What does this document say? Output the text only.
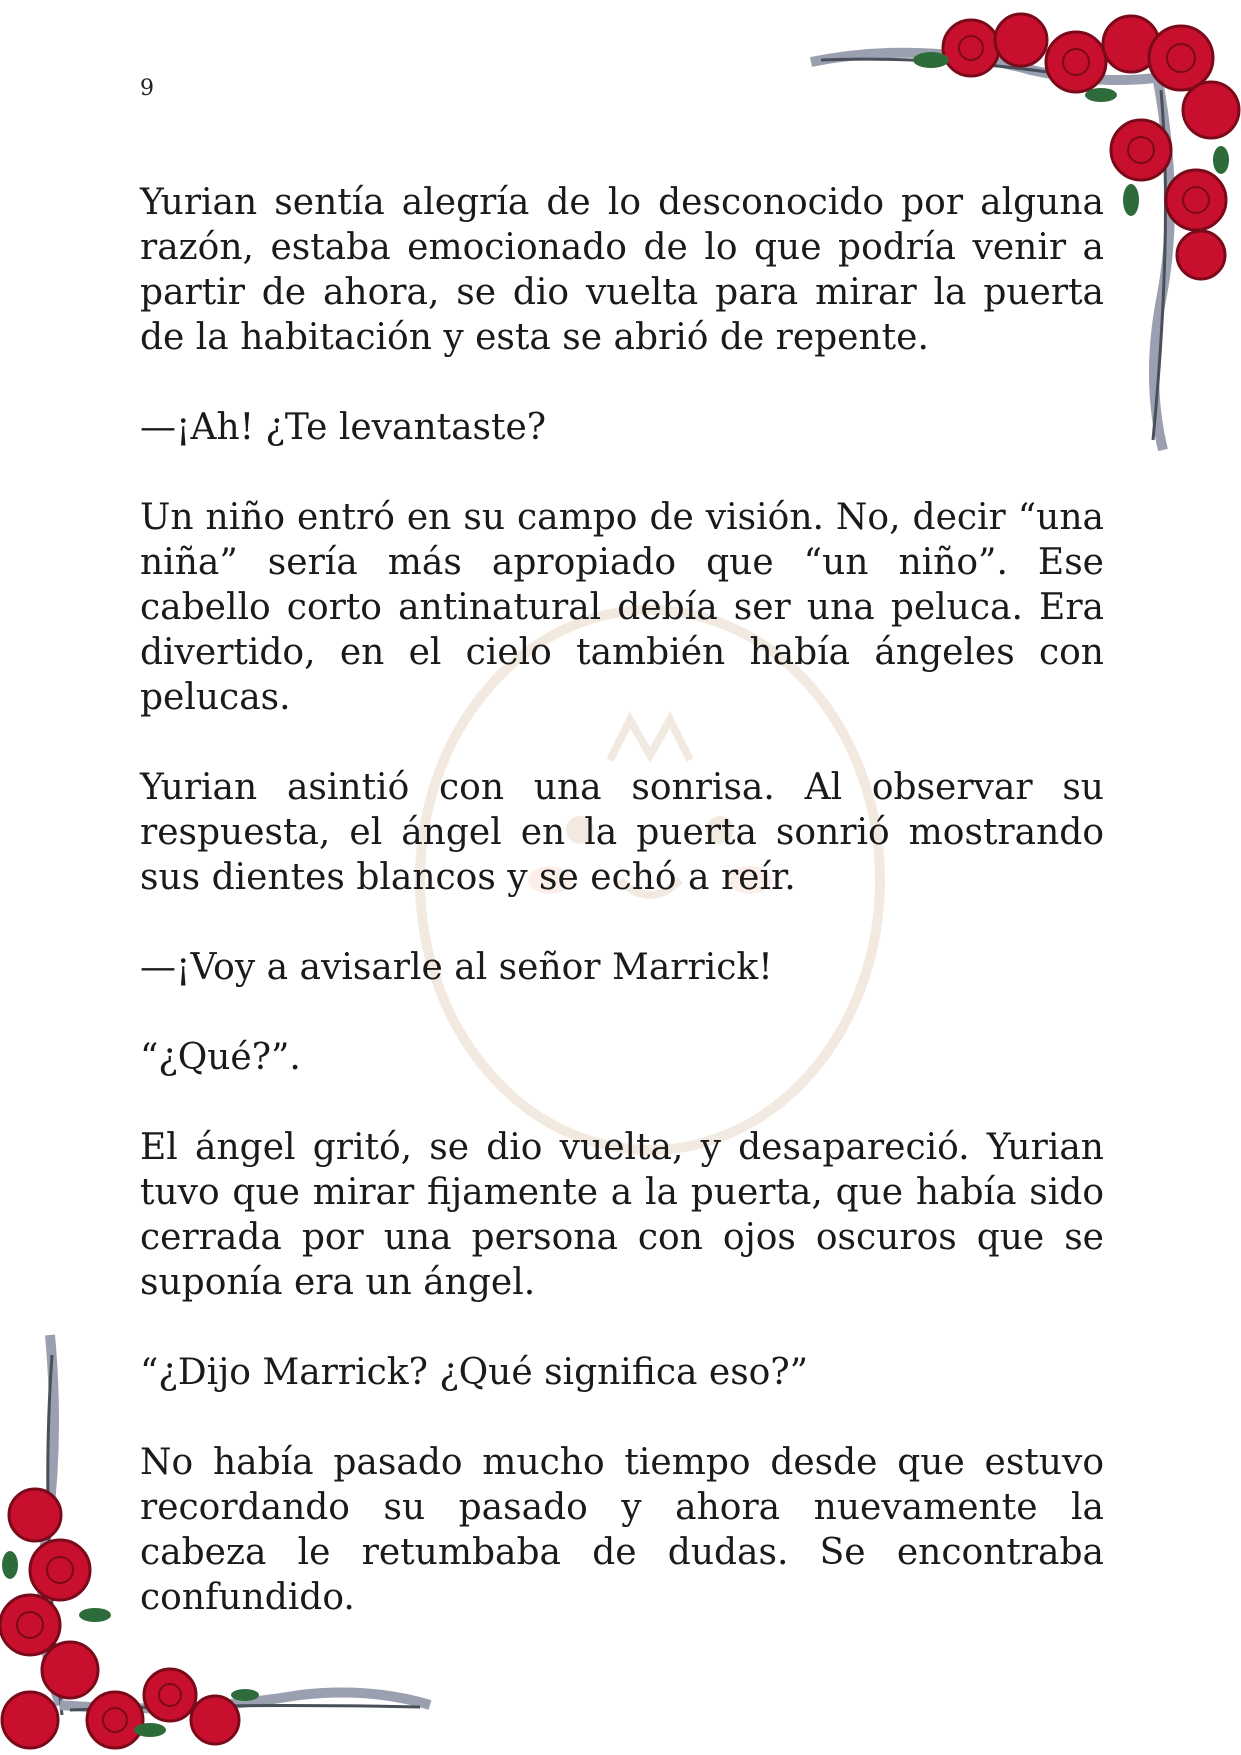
9

Yurian sentía alegría de lo desconocido por alguna razón, estaba emocionado de lo que podría venir a partir de ahora, se dio vuelta para mirar la puerta de la habitación y esta se abrió de repente.

—¡Ah! ¿Te levantaste?

Un niño entró en su campo de visión. No, decir “una niña” sería más apropiado que “un niño”. Ese cabello corto antinatural debía ser una peluca. Era divertido, en el cielo también había ángeles con pelucas.

Yurian asintió con una sonrisa. Al observar su respuesta, el ángel en la puerta sonrió mostrando sus dientes blancos y se echó a reír.

—¡Voy a avisarle al señor Marrick!

“¿Qué?”.

El ángel gritó, se dio vuelta, y desapareció. Yurian tuvo que mirar fijamente a la puerta, que había sido cerrada por una persona con ojos oscuros que se suponía era un ángel.

“¿Dijo Marrick? ¿Qué significa eso?”

No había pasado mucho tiempo desde que estuvo recordando su pasado y ahora nuevamente la cabeza le retumbaba de dudas. Se encontraba confundido.
